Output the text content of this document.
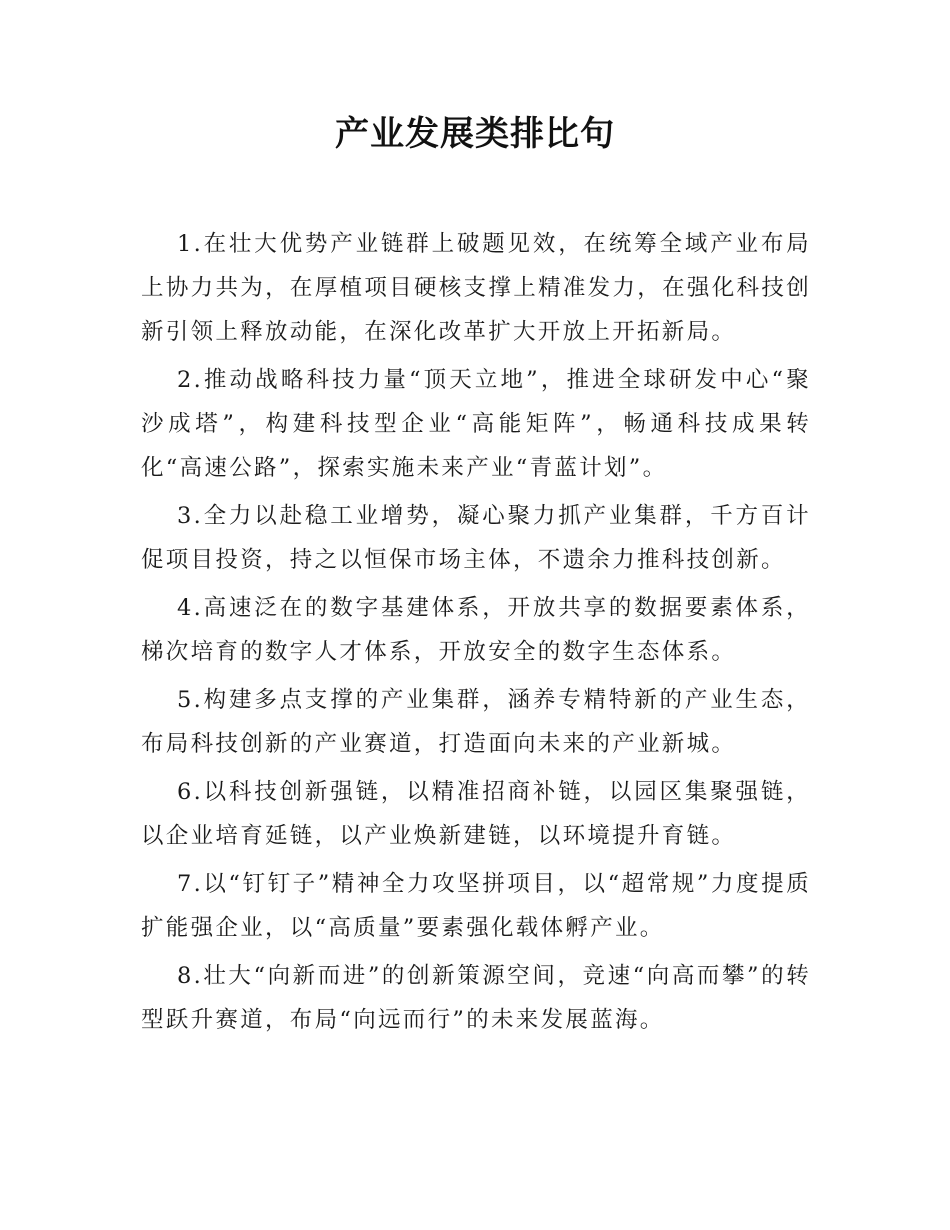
产业发展类排比句

1.在壮大优势产业链群上破题见效，在统筹全域产业布局上协力共为，在厚植项目硬核支撑上精准发力，在强化科技创新引领上释放动能，在深化改革扩大开放上开拓新局。

2.推动战略科技力量“顶天立地”，推进全球研发中心“聚沙成塔”，构建科技型企业“高能矩阵”，畅通科技成果转化“高速公路”，探索实施未来产业“青蓝计划”。

3.全力以赴稳工业增势，凝心聚力抓产业集群，千方百计促项目投资，持之以恒保市场主体，不遗余力推科技创新。

4.高速泛在的数字基建体系，开放共享的数据要素体系，梯次培育的数字人才体系，开放安全的数字生态体系。

5.构建多点支撑的产业集群，涵养专精特新的产业生态，布局科技创新的产业赛道，打造面向未来的产业新城。

6.以科技创新强链，以精准招商补链，以园区集聚强链，以企业培育延链，以产业焕新建链，以环境提升育链。

7.以“钉钉子”精神全力攻坚拼项目，以“超常规”力度提质扩能强企业，以“高质量”要素强化载体孵产业。

8.壮大“向新而进”的创新策源空间，竞速“向高而攀”的转型跃升赛道，布局“向远而行”的未来发展蓝海。
